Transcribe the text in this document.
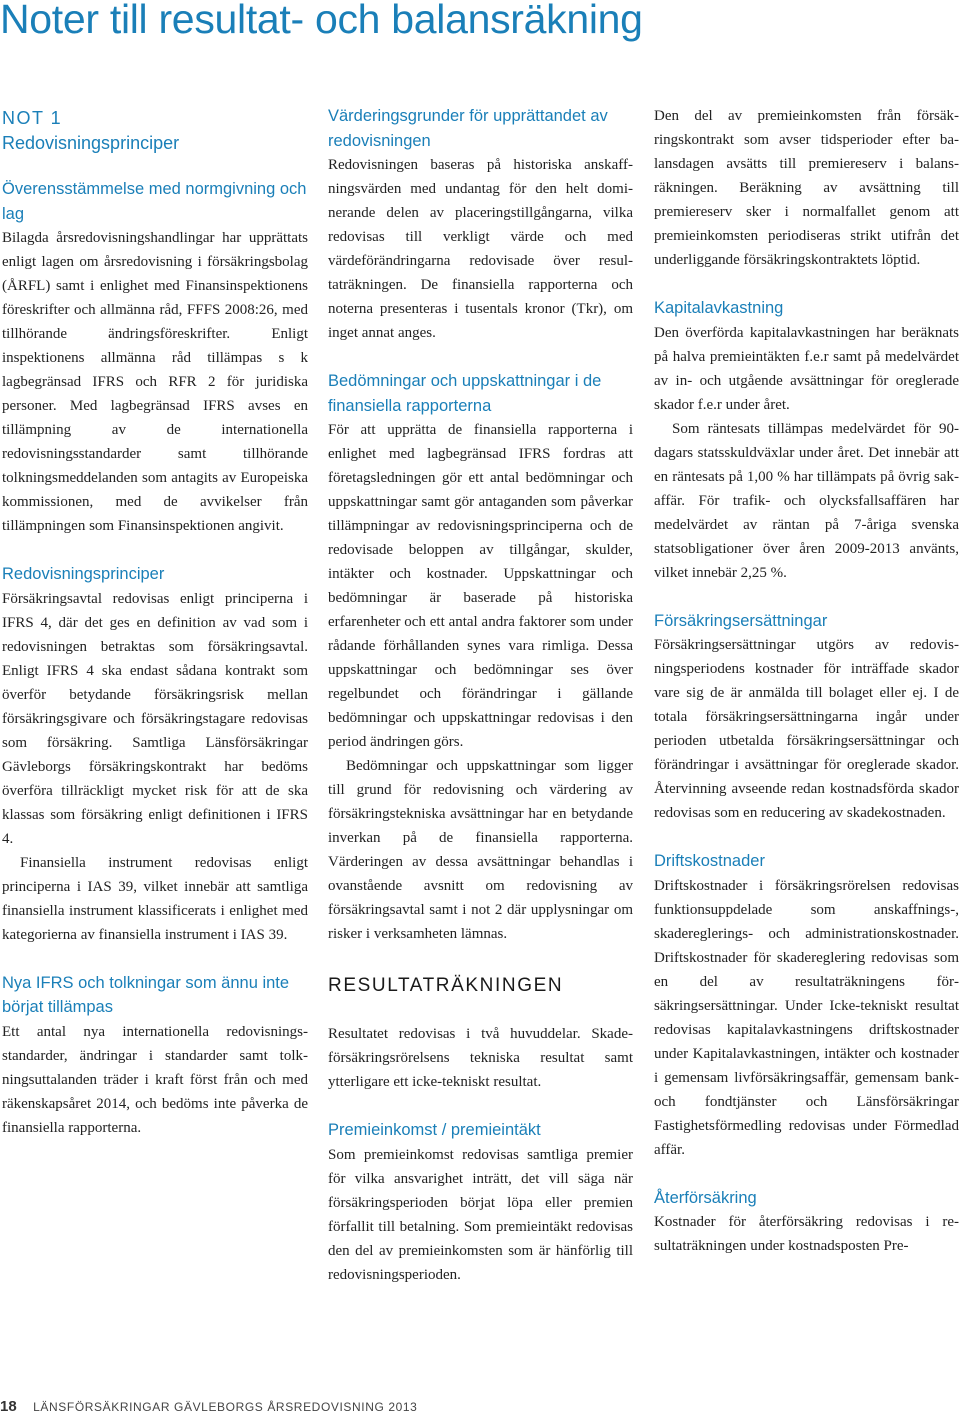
Noter till resultat- och balansräkning
NOT 1
Redovisningsprinciper
Överensstämmelse med normgivning och lag

Bilagda årsredovisningshandlingar har upprättats enligt lagen om årsredovisning i försäkringsbolag (ÅRFL) samt i enlighet med Finansinspektionens föreskrifter och allmänna råd, FFFS 2008:26, med tillhörande ändringsföreskrifter. Enligt inspektionens allmänna råd tillämpas s k lagbegränsad IFRS och RFR 2 för juridiska personer. Med lagbegränsad IFRS avses en tillämpning av de internationella redovisningsstandarder samt tillhörande tolkningsmeddelanden som antagits av Europeiska kommissionen, med de avvikelser från tillämpningen som Finansinspektionen angivit.

Redovisningsprinciper

Försäkringsavtal redovisas enligt principerna i IFRS 4, där det ges en definition av vad som i redovisningen betraktas som försäkringsavtal. Enligt IFRS 4 ska endast sådana kontrakt som överför betydande försäkringsrisk mellan försäkringsgivare och försäkringstagare redovisas som försäkring. Samtliga Länsförsäkringar Gävleborgs försäkringskontrakt har bedöms överföra tillräckligt mycket risk för att de ska klassas som försäkring enligt definitionen i IFRS 4.

Finansiella instrument redovisas enligt principerna i IAS 39, vilket innebär att samtliga finansiella instrument klassificerats i enlighet med kategorierna av finansiella instrument i IAS 39.

Nya IFRS och tolkningar som ännu inte börjat tillämpas

Ett antal nya internationella redovisningsstandarder, ändringar i standarder samt tolkningsuttalanden träder i kraft först från och med räkenskapsåret 2014, och bedöms inte påverka de finansiella rapporterna.

Värderingsgrunder för upprättandet av redovisningen

Redovisningen baseras på historiska anskaffningsvärden med undantag för den helt dominerande delen av placeringstillgångarna, vilka redovisas till verkligt värde och med värdeförändringarna redovisade över resultaträkningen. De finansiella rapporterna och noterna presenteras i tusentals kronor (Tkr), om inget annat anges.

Bedömningar och uppskattningar i de finansiella rapporterna

För att upprätta de finansiella rapporterna i enlighet med lagbegränsad IFRS fordras att företagsledningen gör ett antal bedömningar och uppskattningar samt gör antaganden som påverkar tillämpningar av redovisningsprinciperna och de redovisade beloppen av tillgångar, skulder, intäkter och kostnader. Uppskattningar och bedömningar är baserade på historiska erfarenheter och ett antal andra faktorer som under rådande förhållanden synes vara rimliga. Dessa uppskattningar och bedömningar ses över regelbundet och förändringar i gällande bedömningar och uppskattningar redovisas i den period ändringen görs.

Bedömningar och uppskattningar som ligger till grund för redovisning och värdering av försäkringstekniska avsättningar har en betydande inverkan på de finansiella rapporterna. Värderingen av dessa avsättningar behandlas i ovanstående avsnitt om redovisning av försäkringsavtal samt i not 2 där upplysningar om risker i verksamheten lämnas.

RESULTATRÄKNINGEN

Resultatet redovisas i två huvuddelar. Skadeförsäkringsrörelsens tekniska resultat samt ytterligare ett icke-tekniskt resultat.

Premieinkomst / premieintäkt

Som premieinkomst redovisas samtliga premier för vilka ansvarighet inträtt, det vill säga när försäkringsperioden börjat löpa eller premien förfallit till betalning. Som premieintäkt redovisas den del av premieinkomsten som är hänförlig till redovisningsperioden.

Den del av premieinkomsten från försäkringskontrakt som avser tidsperioder efter balansdagen avsätts till premiereserv i balansräkningen. Beräkning av avsättning till premiereserv sker i normalfallet genom att premieinkomsten periodiseras strikt utifrån det underliggande försäkringskontraktets löptid.

Kapitalavkastning

Den överförda kapitalavkastningen har beräknats på halva premieintäkten f.e.r samt på medelvärdet av in- och utgående avsättningar för oreglerade skador f.e.r under året.

Som räntesats tillämpas medelvärdet för 90-dagars statsskuldväxlar under året. Det innebär att en räntesats på 1,00 % har tillämpats på övrig sak-affär. För trafik- och olycksfallsaffären har medelvärdet av räntan på 7-åriga svenska statsobligationer över åren 2009-2013 använts, vilket innebär 2,25 %.

Försäkringsersättningar

Försäkringsersättningar utgörs av redovisningsperiodens kostnader för inträffade skador vare sig de är anmälda till bolaget eller ej. I de totala försäkringsersättningarna ingår under perioden utbetalda försäkringsersättningar och förändringar i avsättningar för oreglerade skador. Återvinning avseende redan kostnadsförda skador redovisas som en reducering av skadekostnaden.

Driftskostnader

Driftskostnader i försäkringsrörelsen redovisas funktionsuppdelade som anskaffnings-, skadereglerings- och administrationskostnader. Driftskostnader för skadereglering redovisas som en del av resultaträkningens försäkringsersättningar. Under Icke-tekniskt resultat redovisas kapitalavkastningens driftskostnader under Kapitalavkastningen, intäkter och kostnader i gemensam livförsäkringsaffär, gemensam bank- och fondtjänster och Länsförsäkringar Fastighetsförmedling redovisas under Förmedlad affär.

Återförsäkring

Kostnader för återförsäkring redovisas i resultaträkningen under kostnadsposten Pre-

18 LÄNSFÖRSÄKRINGAR GÄVLEBORGS ÅRSREDOVISNING 2013
